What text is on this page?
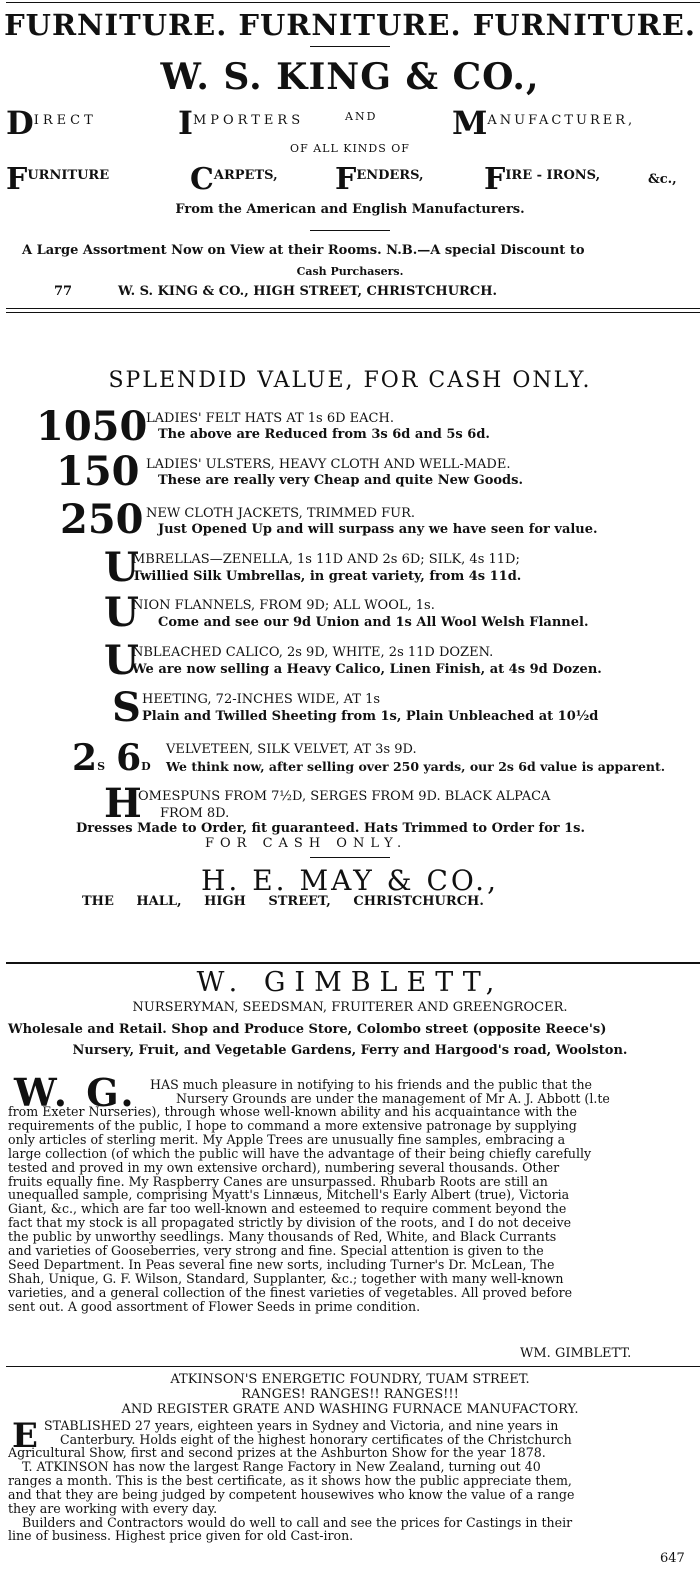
FURNITURE. FURNITURE. FURNITURE.
W. S. KING & CO.,
$D^{IRECT}$	$I^{MPORTERS}$	AND $M^{ANUFACTURER,}$
OF ALL KINDS OF
$F^{URNITURE}$	$C^{ARPETS,}$ $F^{ENDERS,}$ $F^{IRE - IRONS,}$	&c.,
From the American and English Manufacturers.
A Large Assortment Now on View at their Rooms. N.B.—A special Discount to
Cash Purchasers.
77	W. S. KING & CO., HIGH STREET, CHRISTCHURCH.
SPLENDID VALUE, FOR CASH ONLY.
1050
LADIES' FELT HATS AT 1s 6D EACH.
The above are Reduced from 3s 6d and 5s 6d.
150 LADIES' ULSTERS, HEAVY CLOTH AND WELL-MADE.
These are really very Cheap and quite New Goods.
250 NEW CLOTH JACKETS, TRIMMED FUR.
Just Opened Up and will surpass any we have seen for value.
U
MBRELLAS—ZENELLA, 1s 11D AND 2s 6D; SILK, 4s 11D;
Twillied Silk Umbrellas, in great variety, from 4s 11d.
U
NION FLANNELS, FROM 9D; ALL WOOL, 1s.
Come and see our 9d Union and 1s All Wool Welsh Flannel.
U
NBLEACHED CALICO, 2s 9D, WHITE, 2s 11D DOZEN.
We are now selling a Heavy Calico, Linen Finish, at 4s 9d Dozen.
S HEETING, 72-INCHES WIDE, AT 1s
Plain and Twilled Sheeting from 1s, Plain Unbleached at 10½d
2S 6D
VELVETEEN, SILK VELVET, AT 3s 9D.
We think now, after selling over 250 yards, our 2s 6d value is apparent.
H
OMESPUNS FROM 7½D, SERGES FROM 9D. BLACK ALPACA
FROM 8D.
Dresses Made to Order, fit guaranteed. Hats Trimmed to Order for 1s.
FOR CASH ONLY.
H. E. MAY & CO.,
THE HALL, HIGH STREET, CHRISTCHURCH.
W. GIMBLETT,
NURSERYMAN, SEEDSMAN, FRUITERER AND GREENGROCER.
Wholesale and Retail. Shop and Produce Store, Colombo street (opposite Reece's)
Nursery, Fruit, and Vegetable Gardens, Ferry and Hargood's road, Woolston.
W. G. HAS much pleasure in notifying to his friends and the public that the
Nursery Grounds are under the management of Mr A. J. Abbott (l.te
from Exeter Nurseries), through whose well-known ability and his acquaintance with the
requirements of the public, I hope to command a more extensive patronage by supplying
only articles of sterling merit. My Apple Trees are unusually fine samples, embracing a
large collection (of which the public will have the advantage of their being chiefly carefully
tested and proved in my own extensive orchard), numbering several thousands. Other
fruits equally fine. My Raspberry Canes are unsurpassed. Rhubarb Roots are still an
unequalled sample, comprising Myatt's Linnæus, Mitchell's Early Albert (true), Victoria
Giant, &c., which are far too well-known and esteemed to require comment beyond the
fact that my stock is all propagated strictly by division of the roots, and I do not deceive
the public by unworthy seedlings. Many thousands of Red, White, and Black Currants
and varieties of Gooseberries, very strong and fine. Special attention is given to the
Seed Department. In Peas several fine new sorts, including Turner's Dr. McLean, The
Shah, Unique, G. F. Wilson, Standard, Supplanter, &c.; together with many well-known
varieties, and a general collection of the finest varieties of vegetables. All proved before
sent out. A good assortment of Flower Seeds in prime condition.
WM. GIMBLETT.
ATKINSON'S ENERGETIC FOUNDRY, TUAM STREET.
RANGES! RANGES!! RANGES!!!
AND REGISTER GRATE AND WASHING FURNACE MANUFACTORY.
E STABLISHED 27 years, eighteen years in Sydney and Victoria, and nine years in
Canterbury. Holds eight of the highest honorary certificates of the Christchurch
Agricultural Show, first and second prizes at the Ashburton Show for the year 1878.
T. ATKINSON has now the largest Range Factory in New Zealand, turning out 40
ranges a month. This is the best certificate, as it shows how the public appreciate them,
and that they are being judged by competent housewives who know the value of a range
they are working with every day.
Builders and Contractors would do well to call and see the prices for Castings in their
line of business. Highest price given for old Cast-iron.
647
